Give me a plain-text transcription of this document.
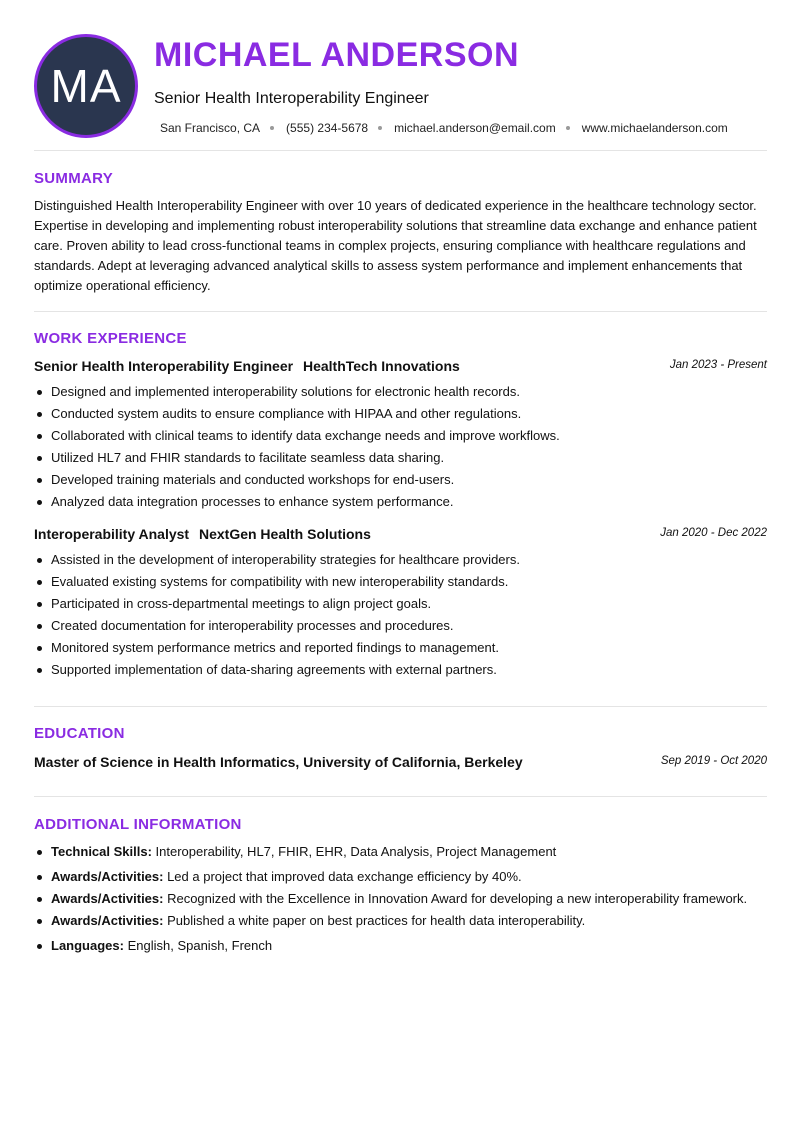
MA
MICHAEL ANDERSON
Senior Health Interoperability Engineer
San Francisco, CA (555) 234-5678 michael.anderson@email.com www.michaelanderson.com
SUMMARY
Distinguished Health Interoperability Engineer with over 10 years of dedicated experience in the healthcare technology sector. Expertise in developing and implementing robust interoperability solutions that streamline data exchange and enhance patient care. Proven ability to lead cross-functional teams in complex projects, ensuring compliance with healthcare regulations and standards. Adept at leveraging advanced analytical skills to assess system performance and implement enhancements that optimize operational efficiency.
WORK EXPERIENCE
Senior Health Interoperability Engineer HealthTech Innovations	Jan 2023 - Present
Designed and implemented interoperability solutions for electronic health records.
Conducted system audits to ensure compliance with HIPAA and other regulations.
Collaborated with clinical teams to identify data exchange needs and improve workflows.
Utilized HL7 and FHIR standards to facilitate seamless data sharing.
Developed training materials and conducted workshops for end-users.
Analyzed data integration processes to enhance system performance.
Interoperability Analyst NextGen Health Solutions	Jan 2020 - Dec 2022
Assisted in the development of interoperability strategies for healthcare providers.
Evaluated existing systems for compatibility with new interoperability standards.
Participated in cross-departmental meetings to align project goals.
Created documentation for interoperability processes and procedures.
Monitored system performance metrics and reported findings to management.
Supported implementation of data-sharing agreements with external partners.
EDUCATION
Master of Science in Health Informatics, University of California, Berkeley	Sep 2019 - Oct 2020
ADDITIONAL INFORMATION
Technical Skills: Interoperability, HL7, FHIR, EHR, Data Analysis, Project Management
Awards/Activities: Led a project that improved data exchange efficiency by 40%.
Awards/Activities: Recognized with the Excellence in Innovation Award for developing a new interoperability framework.
Awards/Activities: Published a white paper on best practices for health data interoperability.
Languages: English, Spanish, French
